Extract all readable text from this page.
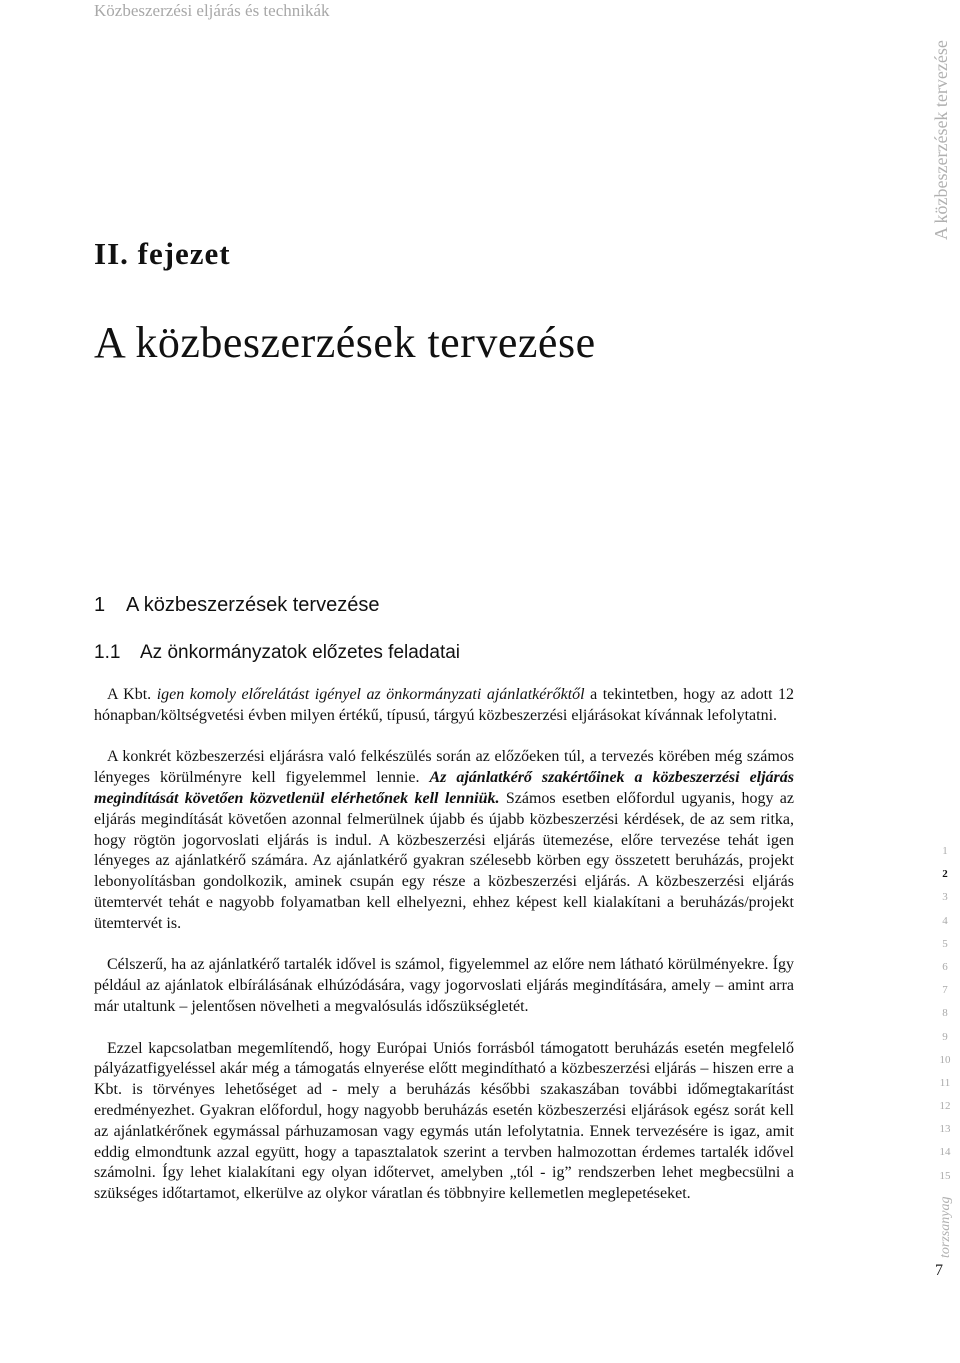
Közbeszerzési eljárás és technikák
A közbeszerzések tervezése
II. fejezet
A közbeszerzések tervezése
1 A közbeszerzések tervezése
1.1 Az önkormányzatok előzetes feladatai

A Kbt. igen komoly előrelátást igényel az önkormányzati ajánlatkérőktől a tekintetben, hogy az adott 12 hónapban/költségvetési évben milyen értékű, típusú, tárgyú közbeszerzési eljárásokat kívánnak lefolytatni.

A konkrét közbeszerzési eljárásra való felkészülés során az előzőeken túl, a tervezés körében még számos lényeges körülményre kell figyelemmel lennie. Az ajánlatkérő szakértőinek a közbeszerzési eljárás megindítását követően közvetlenül elérhetőnek kell lenniük. Számos esetben előfordul ugyanis, hogy az eljárás megindítását követően azonnal felmerülnek újabb és újabb közbeszerzési kérdések, de az sem ritka, hogy rögtön jogorvoslati eljárás is indul. A közbeszerzési eljárás ütemezése, előre tervezése tehát igen lényeges az ajánlatkérő számára. Az ajánlatkérő gyakran szélesebb körben egy összetett beruházás, projekt lebonyolításban gondolkozik, aminek csupán egy része a közbeszerzési eljárás. A közbeszerzési eljárás ütemtervét tehát e nagyobb folyamatban kell elhelyezni, ehhez képest kell kialakítani a beruházás/projekt ütemtervét is.

Célszerű, ha az ajánlatkérő tartalék idővel is számol, figyelemmel az előre nem látható körülményekre. Így például az ajánlatok elbírálásának elhúzódására, vagy jogorvoslati eljárás megindítására, amely – amint arra már utaltunk – jelentősen növelheti a megvalósulás időszükségletét.

Ezzel kapcsolatban megemlítendő, hogy Európai Uniós forrásból támogatott beruházás esetén megfelelő pályázatfigyeléssel akár még a támogatás elnyerése előtt megindítható a közbeszerzési eljárás – hiszen erre a Kbt. is törvényes lehetőséget ad - mely a beruházás későbbi szakaszában további időmegtakarítást eredményezhet. Gyakran előfordul, hogy nagyobb beruházás esetén közbeszerzési eljárások egész sorát kell az ajánlatkérőnek egymással párhuzamosan vagy egymás után lefolytatnia. Ennek tervezésére is igaz, amit eddig elmondtunk azzal együtt, hogy a tapasztalatok szerint a tervben halmozottan érdemes tartalék idővel számolni. Így lehet kialakítani egy olyan időtervet, amelyben „tól - ig” rendszerben lehet megbecsülni a szükséges időtartamot, elkerülve az olykor váratlan és többnyire kellemetlen meglepetéseket.

1
2
3
4
5
6
7
8
9
10
11
12
13
14
15
torzsanyag
7
